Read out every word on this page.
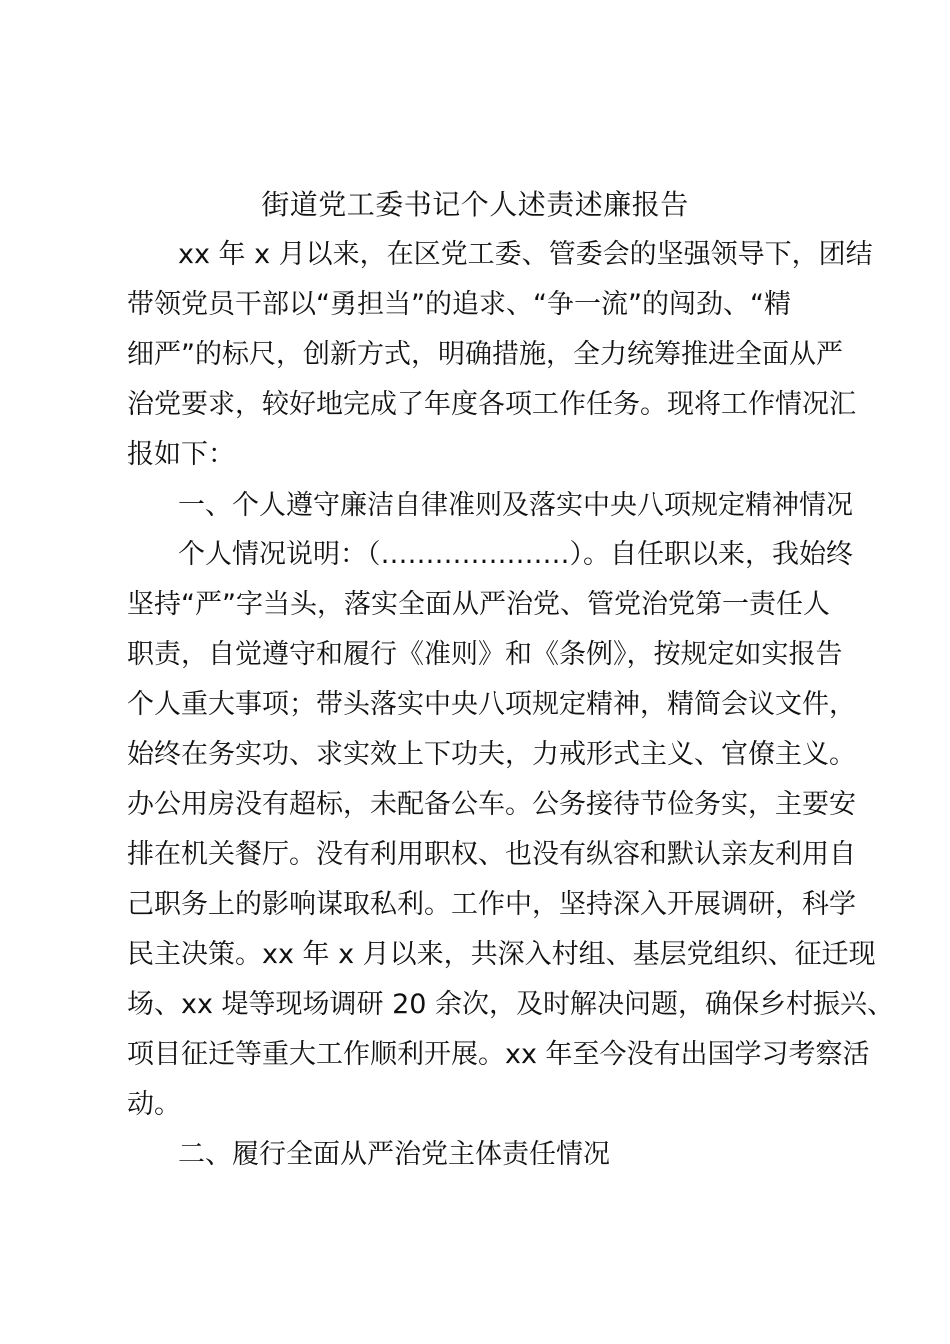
街道党工委书记个人述责述廉报告
xx 年 x 月以来，在区党工委、管委会的坚强领导下，团结
带领党员干部以“勇担当”的追求、“争一流”的闯劲、“精
细严”的标尺，创新方式，明确措施，全力统筹推进全面从严
治党要求，较好地完成了年度各项工作任务。现将工作情况汇
报如下：
一、个人遵守廉洁自律准则及落实中央八项规定精神情况
个人情况说明：（…………………）。自任职以来，我始终
坚持“严”字当头，落实全面从严治党、管党治党第一责任人
职责，自觉遵守和履行《准则》和《条例》，按规定如实报告
个人重大事项；带头落实中央八项规定精神，精简会议文件，
始终在务实功、求实效上下功夫，力戒形式主义、官僚主义。
办公用房没有超标，未配备公车。公务接待节俭务实，主要安
排在机关餐厅。没有利用职权、也没有纵容和默认亲友利用自
己职务上的影响谋取私利。工作中，坚持深入开展调研，科学
民主决策。xx 年 x 月以来，共深入村组、基层党组织、征迁现
场、xx 堤等现场调研 20 余次，及时解决问题，确保乡村振兴、
项目征迁等重大工作顺利开展。xx 年至今没有出国学习考察活
动。
二、履行全面从严治党主体责任情况
